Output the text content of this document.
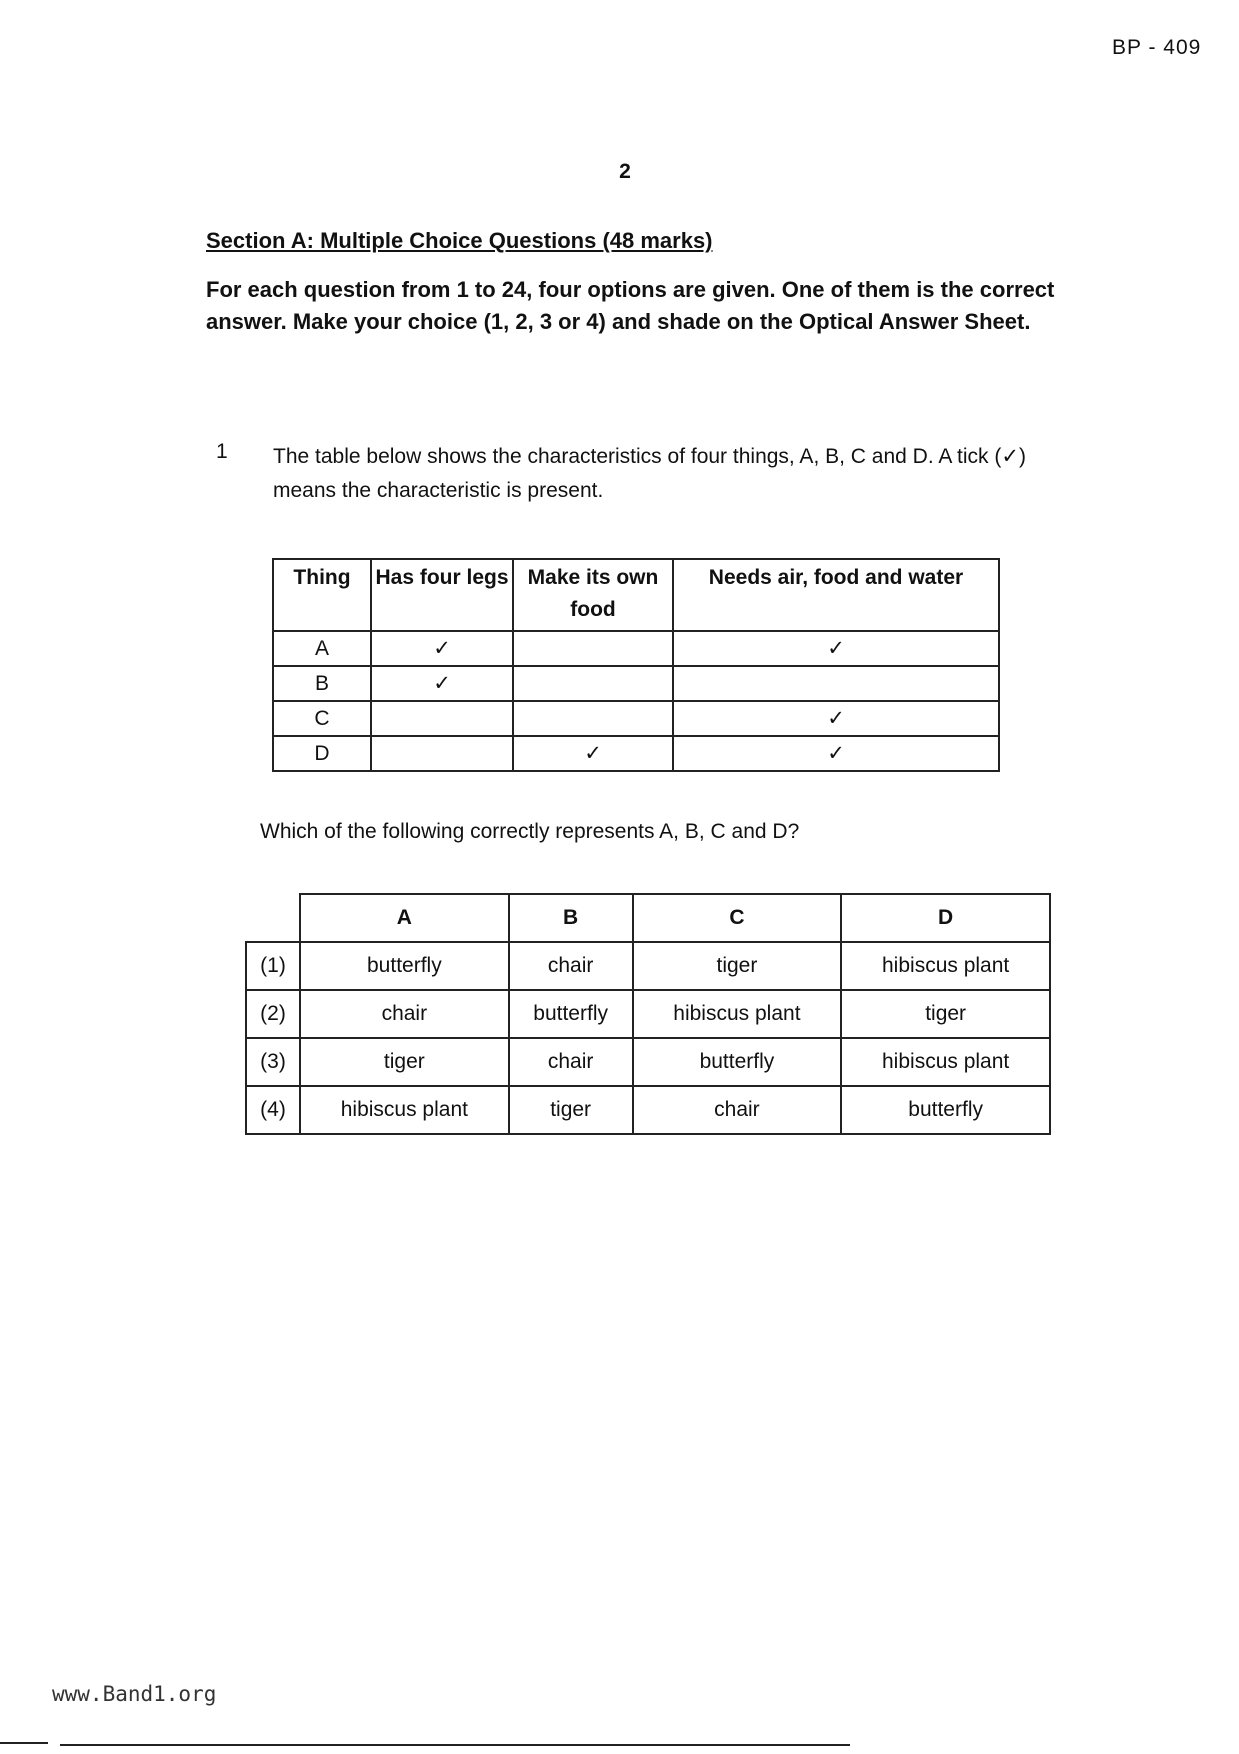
BP - 409
2
Section A: Multiple Choice Questions (48 marks)
For each question from 1 to 24, four options are given. One of them is the correct answer. Make your choice (1, 2, 3 or 4) and shade on the Optical Answer Sheet.
1 The table below shows the characteristics of four things, A, B, C and D. A tick (✓) means the characteristic is present.
Thing	Has four legs	Make its own food	Needs air, food and water
A	✓		✓
B	✓		
C			✓
D		✓	✓
Which of the following correctly represents A, B, C and D?
	A	B	C	D
(1)	butterfly	chair	tiger	hibiscus plant
(2)	chair	butterfly	hibiscus plant	tiger
(3)	tiger	chair	butterfly	hibiscus plant
(4)	hibiscus plant	tiger	chair	butterfly
www.Band1.org
